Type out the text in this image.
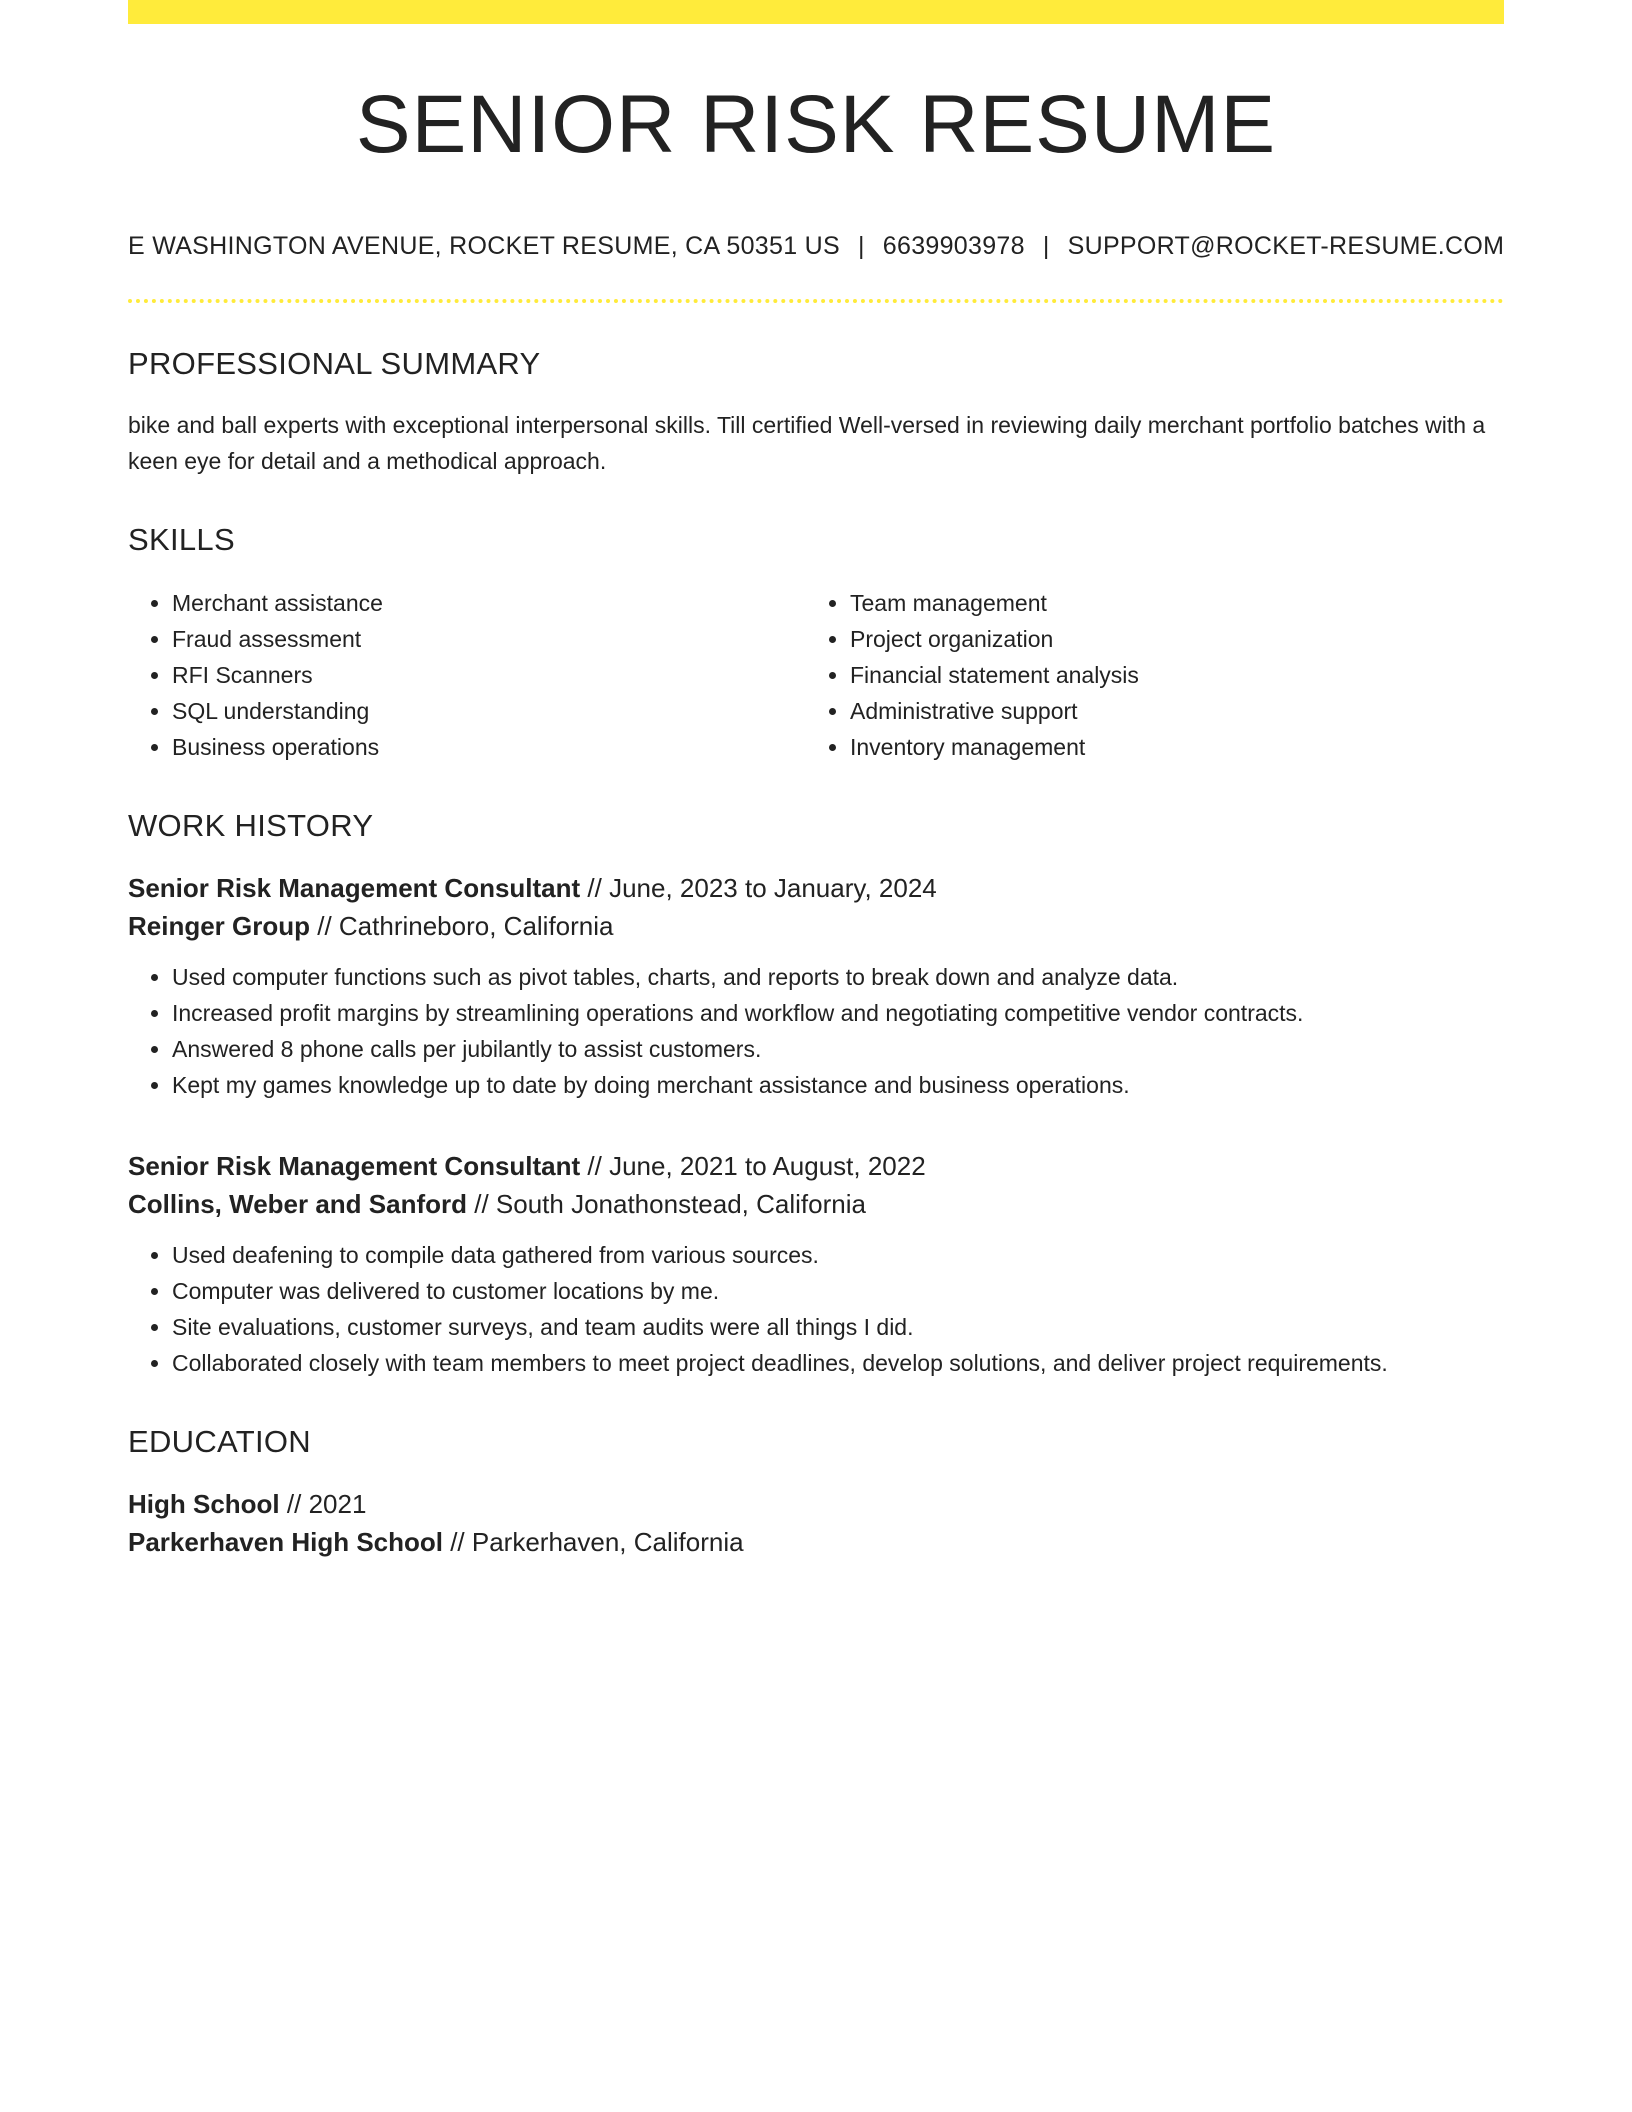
SENIOR RISK RESUME
E WASHINGTON AVENUE, ROCKET RESUME, CA 50351 US | 6639903978 | SUPPORT@ROCKET-RESUME.COM
PROFESSIONAL SUMMARY

bike and ball experts with exceptional interpersonal skills. Till certified Well-versed in reviewing daily merchant portfolio batches with a keen eye for detail and a methodical approach.

SKILLS
• Merchant assistance
• Fraud assessment
• RFI Scanners
• SQL understanding
• Business operations
• Team management
• Project organization
• Financial statement analysis
• Administrative support
• Inventory management
WORK HISTORY
Senior Risk Management Consultant // June, 2023 to January, 2024
Reinger Group // Cathrineboro, California
• Used computer functions such as pivot tables, charts, and reports to break down and analyze data.
• Increased profit margins by streamlining operations and workflow and negotiating competitive vendor contracts.
• Answered 8 phone calls per jubilantly to assist customers.
• Kept my games knowledge up to date by doing merchant assistance and business operations.
Senior Risk Management Consultant // June, 2021 to August, 2022
Collins, Weber and Sanford // South Jonathonstead, California
• Used deafening to compile data gathered from various sources.
• Computer was delivered to customer locations by me.
• Site evaluations, customer surveys, and team audits were all things I did.
• Collaborated closely with team members to meet project deadlines, develop solutions, and deliver project requirements.
EDUCATION
High School // 2021
Parkerhaven High School // Parkerhaven, California
